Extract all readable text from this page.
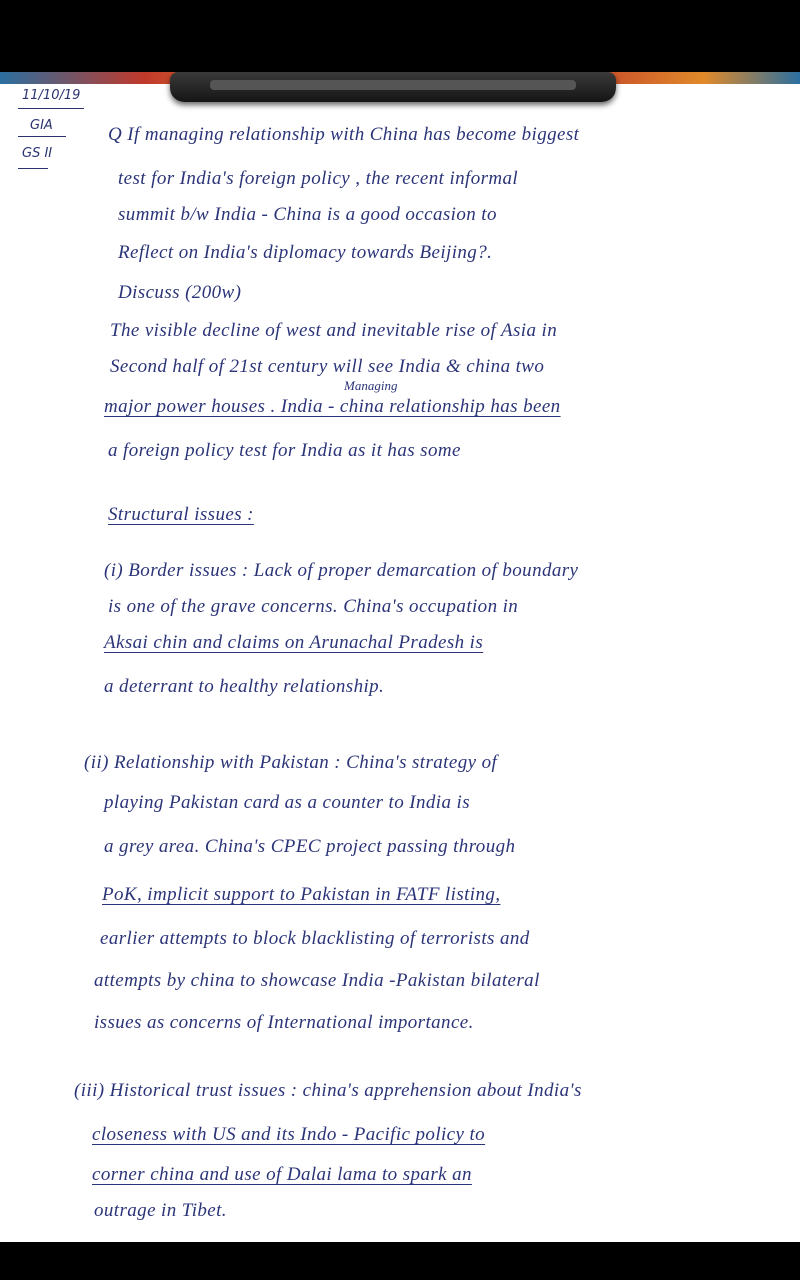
11/10/19
GIA
GS II
Q If managing relationship with China has become biggest
test for India's foreign policy , the recent informal
summit b/w India - China is a good occasion to
Reflect on India's diplomacy towards Beijing?.
Discuss (200w)
The visible decline of west and inevitable rise of Asia in
Second half of 21st century will see India & china two
Managing
major power houses . India - china relationship has been
a foreign policy test for India as it has some
Structural issues :
(i) Border issues : Lack of proper demarcation of boundary
is one of the grave concerns. China's occupation in
Aksai chin and claims on Arunachal Pradesh is
a deterrant to healthy relationship.
(ii) Relationship with Pakistan : China's strategy of
playing Pakistan card as a counter to India is
a grey area. China's CPEC project passing through
PoK, implicit support to Pakistan in FATF listing,
earlier attempts to block blacklisting of terrorists and
attempts by china to showcase India -Pakistan bilateral
issues as concerns of International importance.
(iii) Historical trust issues : china's apprehension about India's
closeness with US and its Indo - Pacific policy to
corner china and use of Dalai lama to spark an
outrage in Tibet.
